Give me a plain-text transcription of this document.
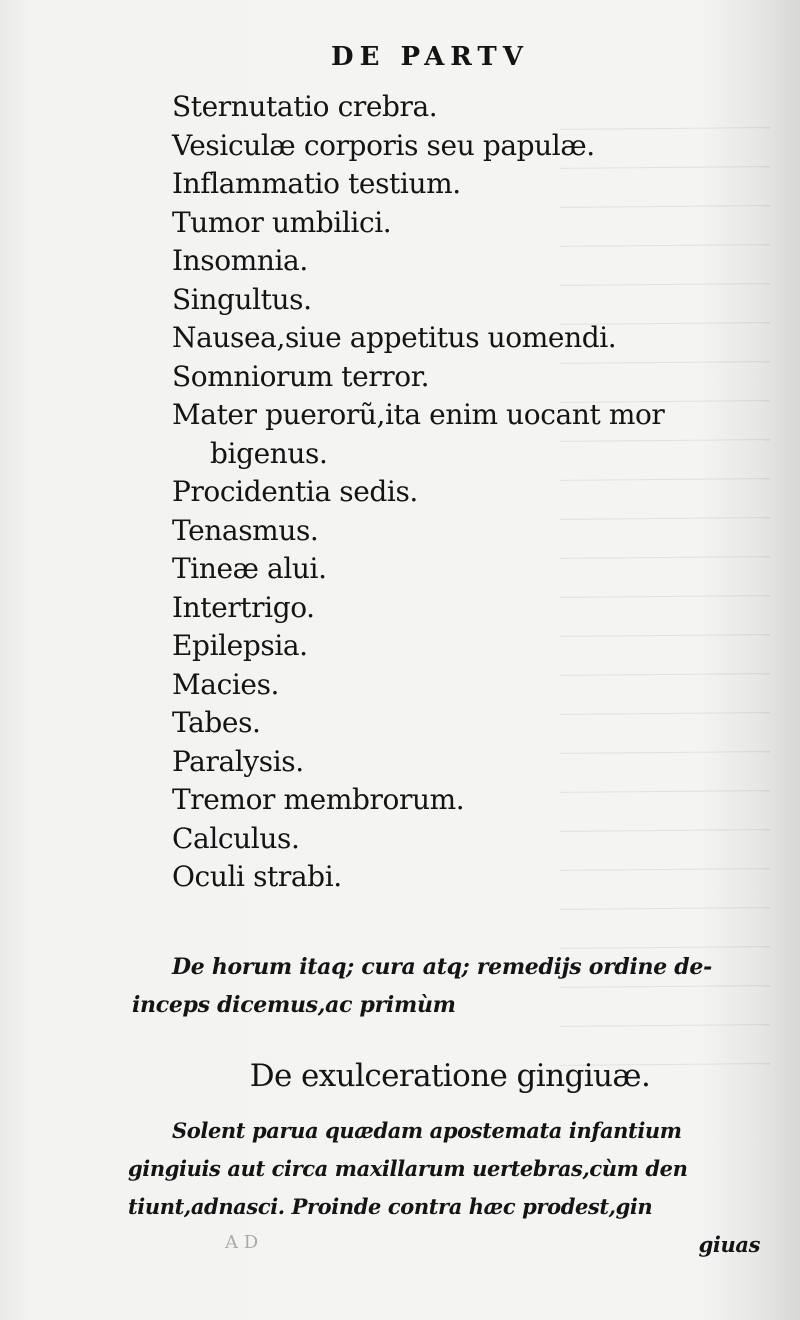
DE PARTV
Sternutatio crebra.
Vesiculæ corporis seu papulæ.
Inflammatio testium.
Tumor umbilici.
Insomnia.
Singultus.
Nausea,siue appetitus uomendi.
Somniorum terror.
Mater puerorũ,ita enim uocant mor
bigenus.
Procidentia sedis.
Tenasmus.
Tineæ alui.
Intertrigo.
Epilepsia.
Macies.
Tabes.
Paralysis.
Tremor membrorum.
Calculus.
Oculi strabi.
De horum itaq; cura atq; remedijs ordine de-
inceps dicemus,ac primùm
De exulceratione gingiuæ.
Solent parua quædam apostemata infantium
gingiuis aut circa maxillarum uertebras,cùm den
tiunt,adnasci. Proinde contra hæc prodest,gin
giuas
A D
